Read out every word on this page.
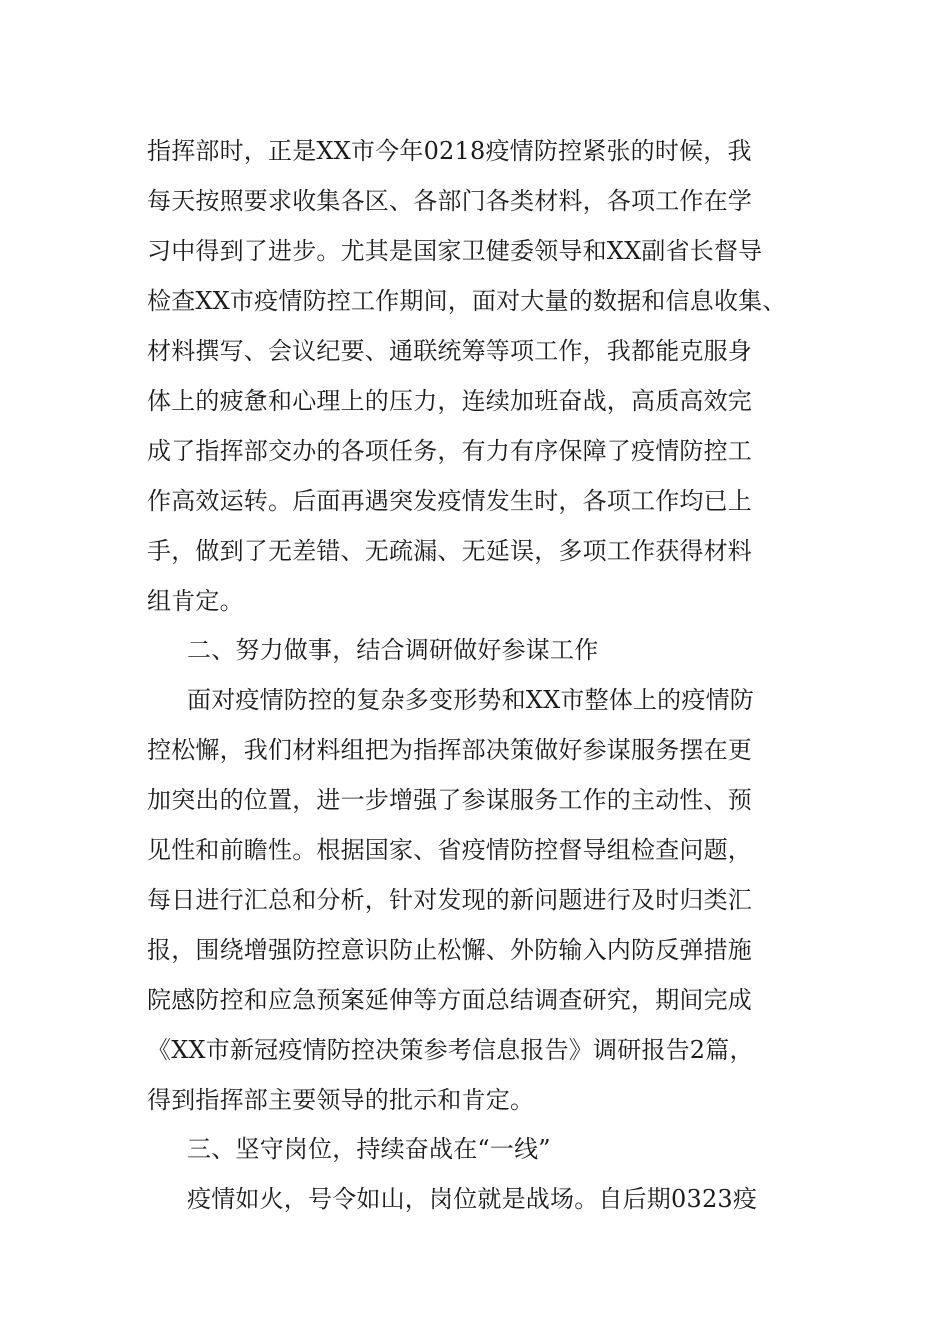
指挥部时，正是XX市今年0218疫情防控紧张的时候，我
每天按照要求收集各区、各部门各类材料，各项工作在学
习中得到了进步。尤其是国家卫健委领导和XX副省长督导
检查XX市疫情防控工作期间，面对大量的数据和信息收集、
材料撰写、会议纪要、通联统筹等项工作，我都能克服身
体上的疲惫和心理上的压力，连续加班奋战，高质高效完
成了指挥部交办的各项任务，有力有序保障了疫情防控工
作高效运转。后面再遇突发疫情发生时，各项工作均已上
手，做到了无差错、无疏漏、无延误，多项工作获得材料
组肯定。
二、努力做事，结合调研做好参谋工作
面对疫情防控的复杂多变形势和XX市整体上的疫情防
控松懈，我们材料组把为指挥部决策做好参谋服务摆在更
加突出的位置，进一步增强了参谋服务工作的主动性、预
见性和前瞻性。根据国家、省疫情防控督导组检查问题，
每日进行汇总和分析，针对发现的新问题进行及时归类汇
报，围绕增强防控意识防止松懈、外防输入内防反弹措施
院感防控和应急预案延伸等方面总结调查研究，期间完成
《XX市新冠疫情防控决策参考信息报告》调研报告2篇，
得到指挥部主要领导的批示和肯定。
三、坚守岗位，持续奋战在“一线”
疫情如火，号令如山，岗位就是战场。自后期0323疫
